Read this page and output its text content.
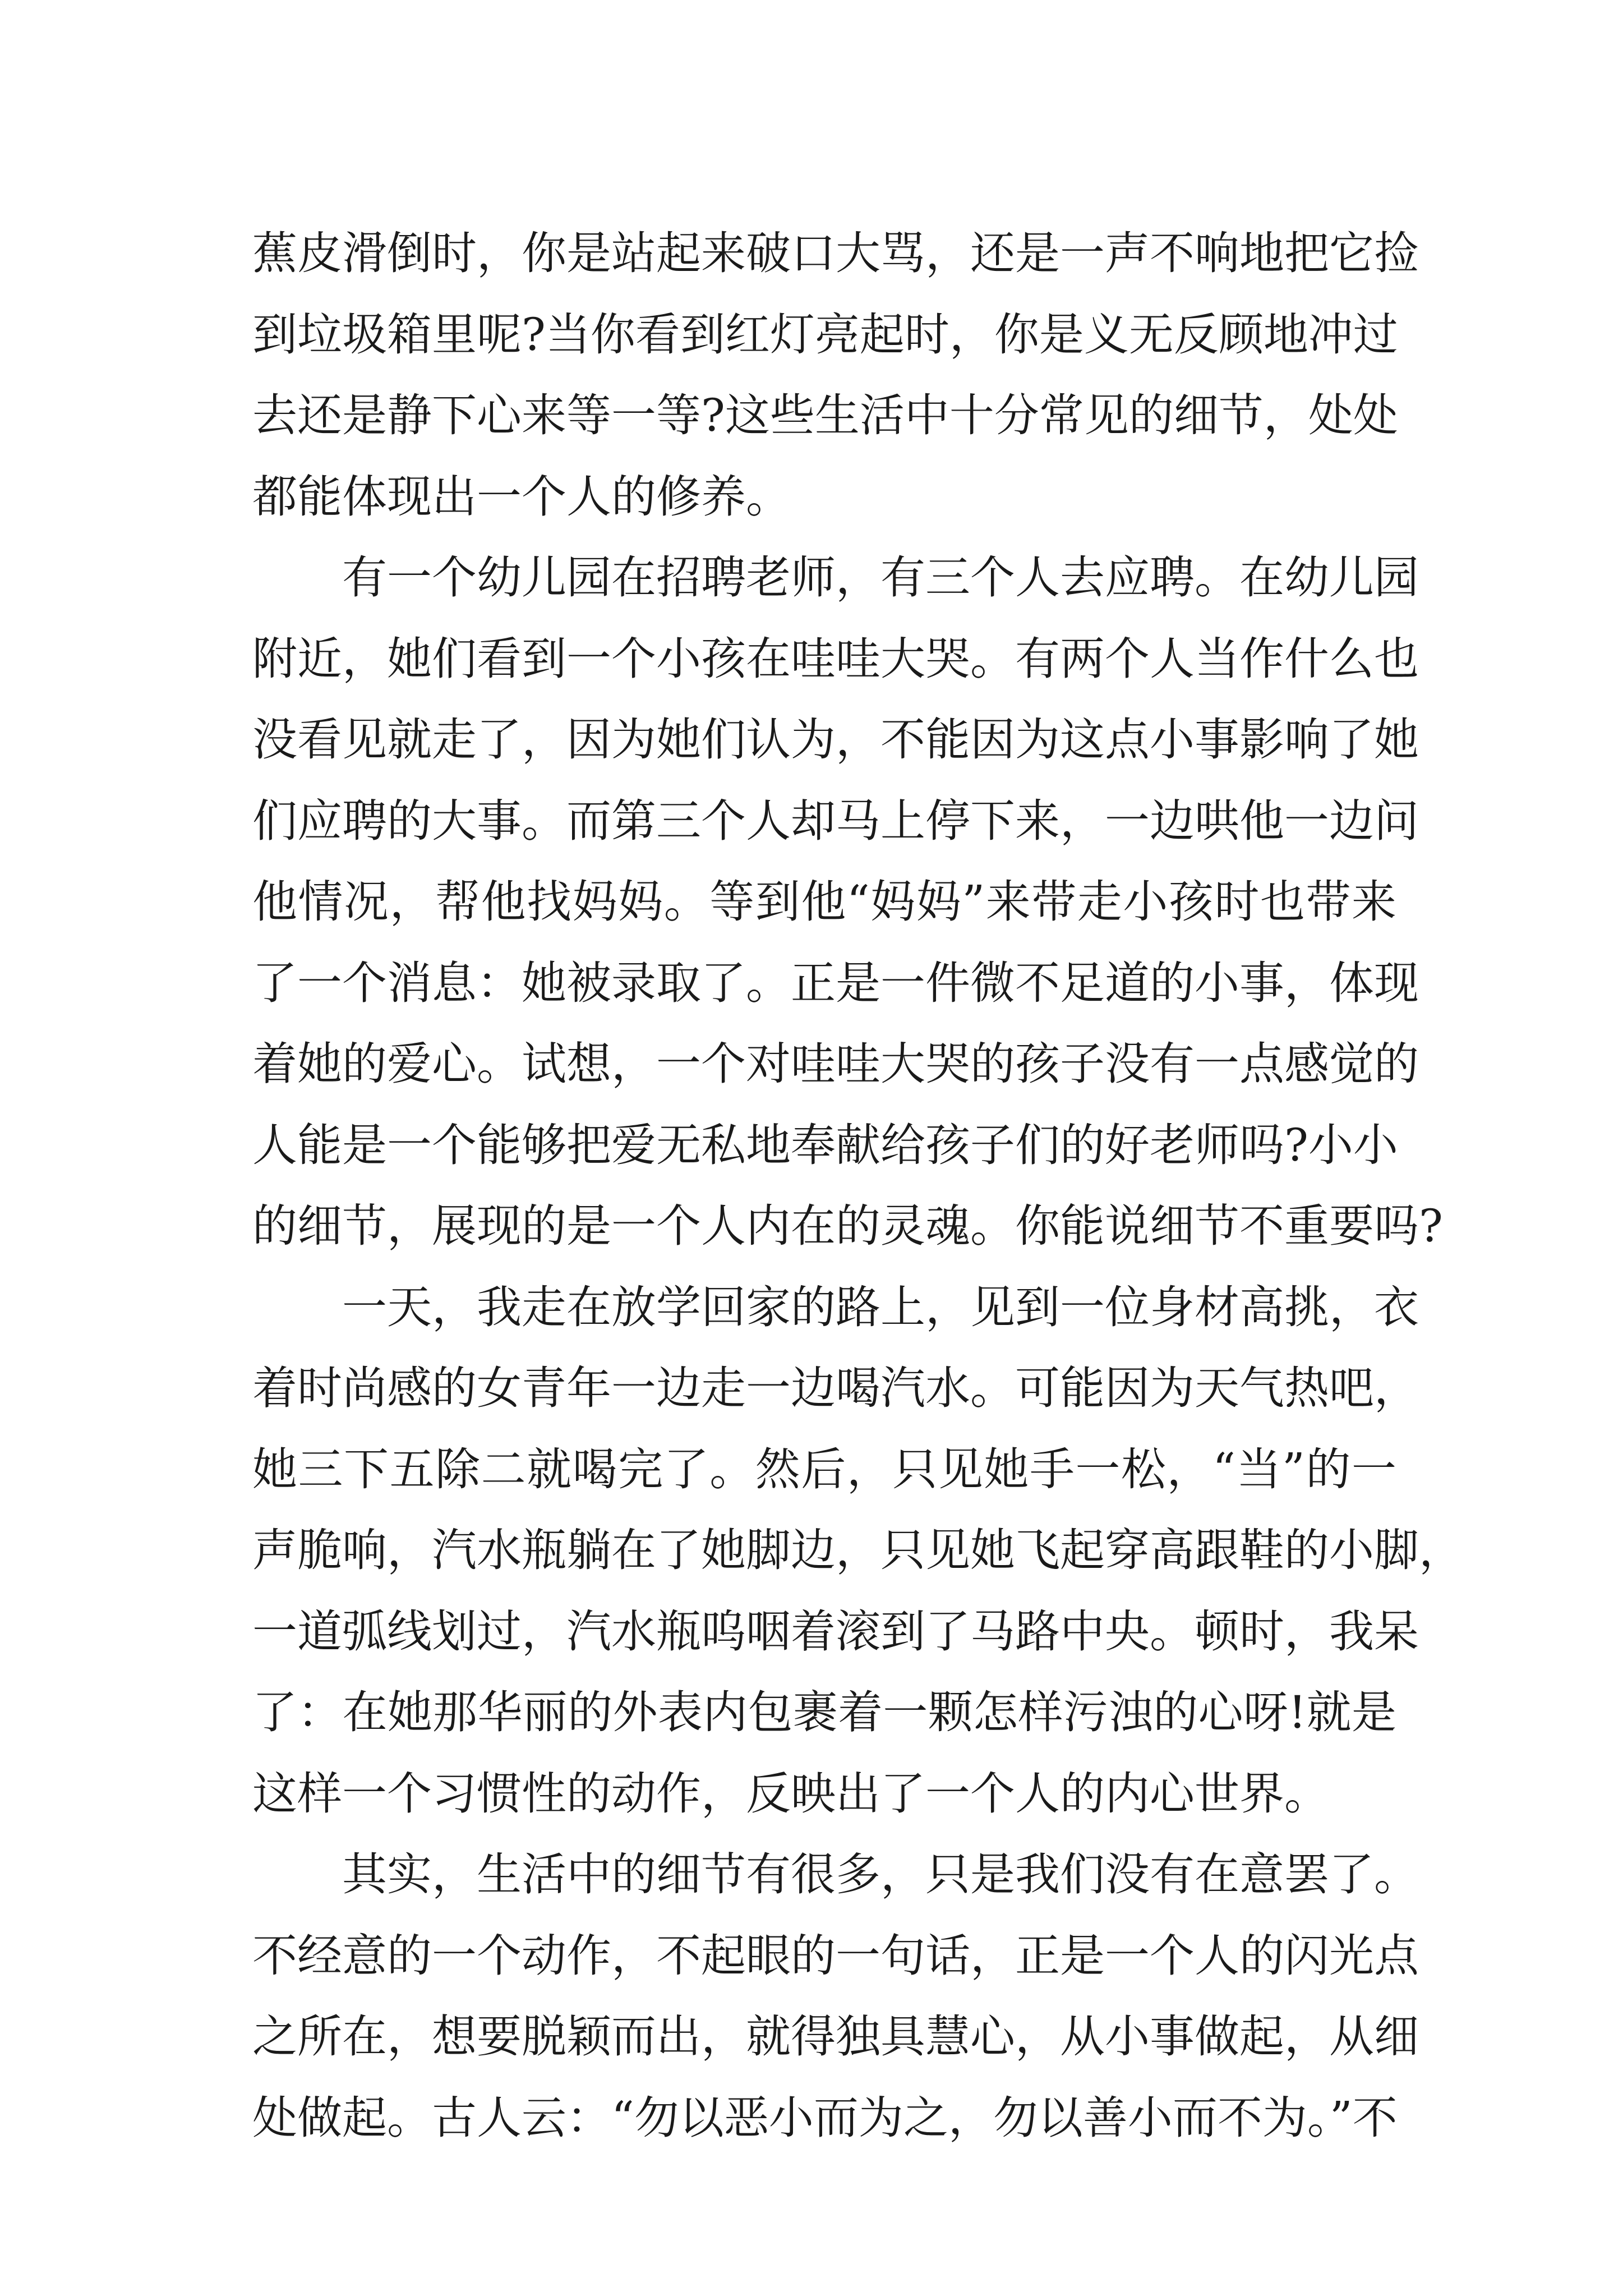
蕉皮滑倒时，你是站起来破口大骂，还是一声不响地把它捡
到垃圾箱里呢?当你看到红灯亮起时，你是义无反顾地冲过
去还是静下心来等一等?这些生活中十分常见的细节，处处
都能体现出一个人的修养。
有一个幼儿园在招聘老师，有三个人去应聘。在幼儿园
附近，她们看到一个小孩在哇哇大哭。有两个人当作什么也
没看见就走了，因为她们认为，不能因为这点小事影响了她
们应聘的大事。而第三个人却马上停下来，一边哄他一边问
他情况，帮他找妈妈。等到他“妈妈”来带走小孩时也带来
了一个消息：她被录取了。正是一件微不足道的小事，体现
着她的爱心。试想，一个对哇哇大哭的孩子没有一点感觉的
人能是一个能够把爱无私地奉献给孩子们的好老师吗?小小
的细节，展现的是一个人内在的灵魂。你能说细节不重要吗?
一天，我走在放学回家的路上，见到一位身材高挑，衣
着时尚感的女青年一边走一边喝汽水。可能因为天气热吧，
她三下五除二就喝完了。然后，只见她手一松，“当”的一
声脆响，汽水瓶躺在了她脚边，只见她飞起穿高跟鞋的小脚，
一道弧线划过，汽水瓶呜咽着滚到了马路中央。顿时，我呆
了：在她那华丽的外表内包裹着一颗怎样污浊的心呀!就是
这样一个习惯性的动作，反映出了一个人的内心世界。
其实，生活中的细节有很多，只是我们没有在意罢了。
不经意的一个动作，不起眼的一句话，正是一个人的闪光点
之所在，想要脱颖而出，就得独具慧心，从小事做起，从细
处做起。古人云：“勿以恶小而为之，勿以善小而不为。”不
